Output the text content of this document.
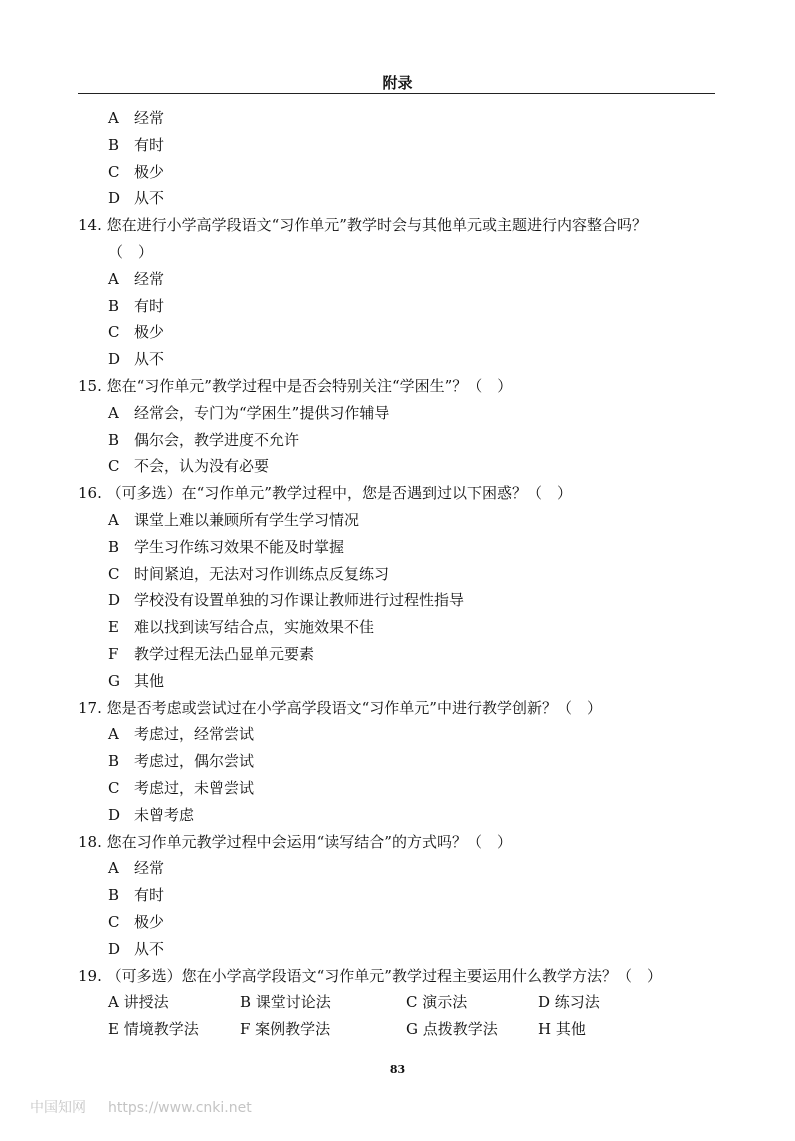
附录
A 经常
B 有时
C 极少
D 从不
14. 您在进行小学高学段语文“习作单元”教学时会与其他单元或主题进行内容整合吗？
（　）
A 经常
B 有时
C 极少
D 从不
15. 您在“习作单元”教学过程中是否会特别关注“学困生”？（　）
A 经常会，专门为“学困生”提供习作辅导
B 偶尔会，教学进度不允许
C 不会，认为没有必要
16. （可多选）在“习作单元”教学过程中，您是否遇到过以下困惑？（　）
A 课堂上难以兼顾所有学生学习情况
B 学生习作练习效果不能及时掌握
C 时间紧迫，无法对习作训练点反复练习
D 学校没有设置单独的习作课让教师进行过程性指导
E 难以找到读写结合点，实施效果不佳
F 教学过程无法凸显单元要素
G 其他
17. 您是否考虑或尝试过在小学高学段语文“习作单元”中进行教学创新？（　）
A 考虑过，经常尝试
B 考虑过，偶尔尝试
C 考虑过，未曾尝试
D 未曾考虑
18. 您在习作单元教学过程中会运用“读写结合”的方式吗？（　）
A 经常
B 有时
C 极少
D 从不
19. （可多选）您在小学高学段语文“习作单元”教学过程主要运用什么教学方法？（　）
A 讲授法	B 课堂讨论法	C 演示法	D 练习法
E 情境教学法	F 案例教学法	G 点拨教学法	H 其他
83
中国知网 https://www.cnki.net
